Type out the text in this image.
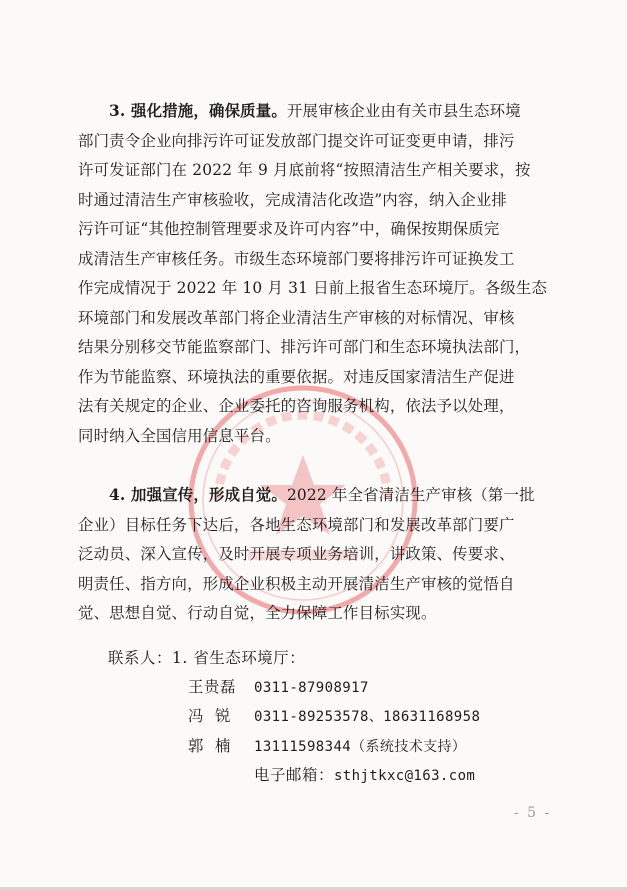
3. 强化措施，确保质量。开展审核企业由有关市县生态环境
部门责令企业向排污许可证发放部门提交许可证变更申请，排污
许可发证部门在 2022 年 9 月底前将“按照清洁生产相关要求，按
时通过清洁生产审核验收，完成清洁化改造”内容，纳入企业排
污许可证“其他控制管理要求及许可内容”中，确保按期保质完
成清洁生产审核任务。市级生态环境部门要将排污许可证换发工
作完成情况于 2022 年 10 月 31 日前上报省生态环境厅。各级生态
环境部门和发展改革部门将企业清洁生产审核的对标情况、审核
结果分别移交节能监察部门、排污许可部门和生态环境执法部门，
作为节能监察、环境执法的重要依据。对违反国家清洁生产促进
法有关规定的企业、企业委托的咨询服务机构，依法予以处理，
同时纳入全国信用信息平台。

4. 加强宣传，形成自觉。2022 年全省清洁生产审核（第一批
企业）目标任务下达后，各地生态环境部门和发展改革部门要广
泛动员、深入宣传，及时开展专项业务培训，讲政策、传要求、
明责任、指方向，形成企业积极主动开展清洁生产审核的觉悟自
觉、思想自觉、行动自觉，全力保障工作目标实现。

联系人：1. 省生态环境厅：
王贵磊 0311-87908917
冯  锐 0311-89253578、18631168958
郭  楠 13111598344（系统技术支持）
电子邮箱：sthjtkxc@163.com
- 5 -
